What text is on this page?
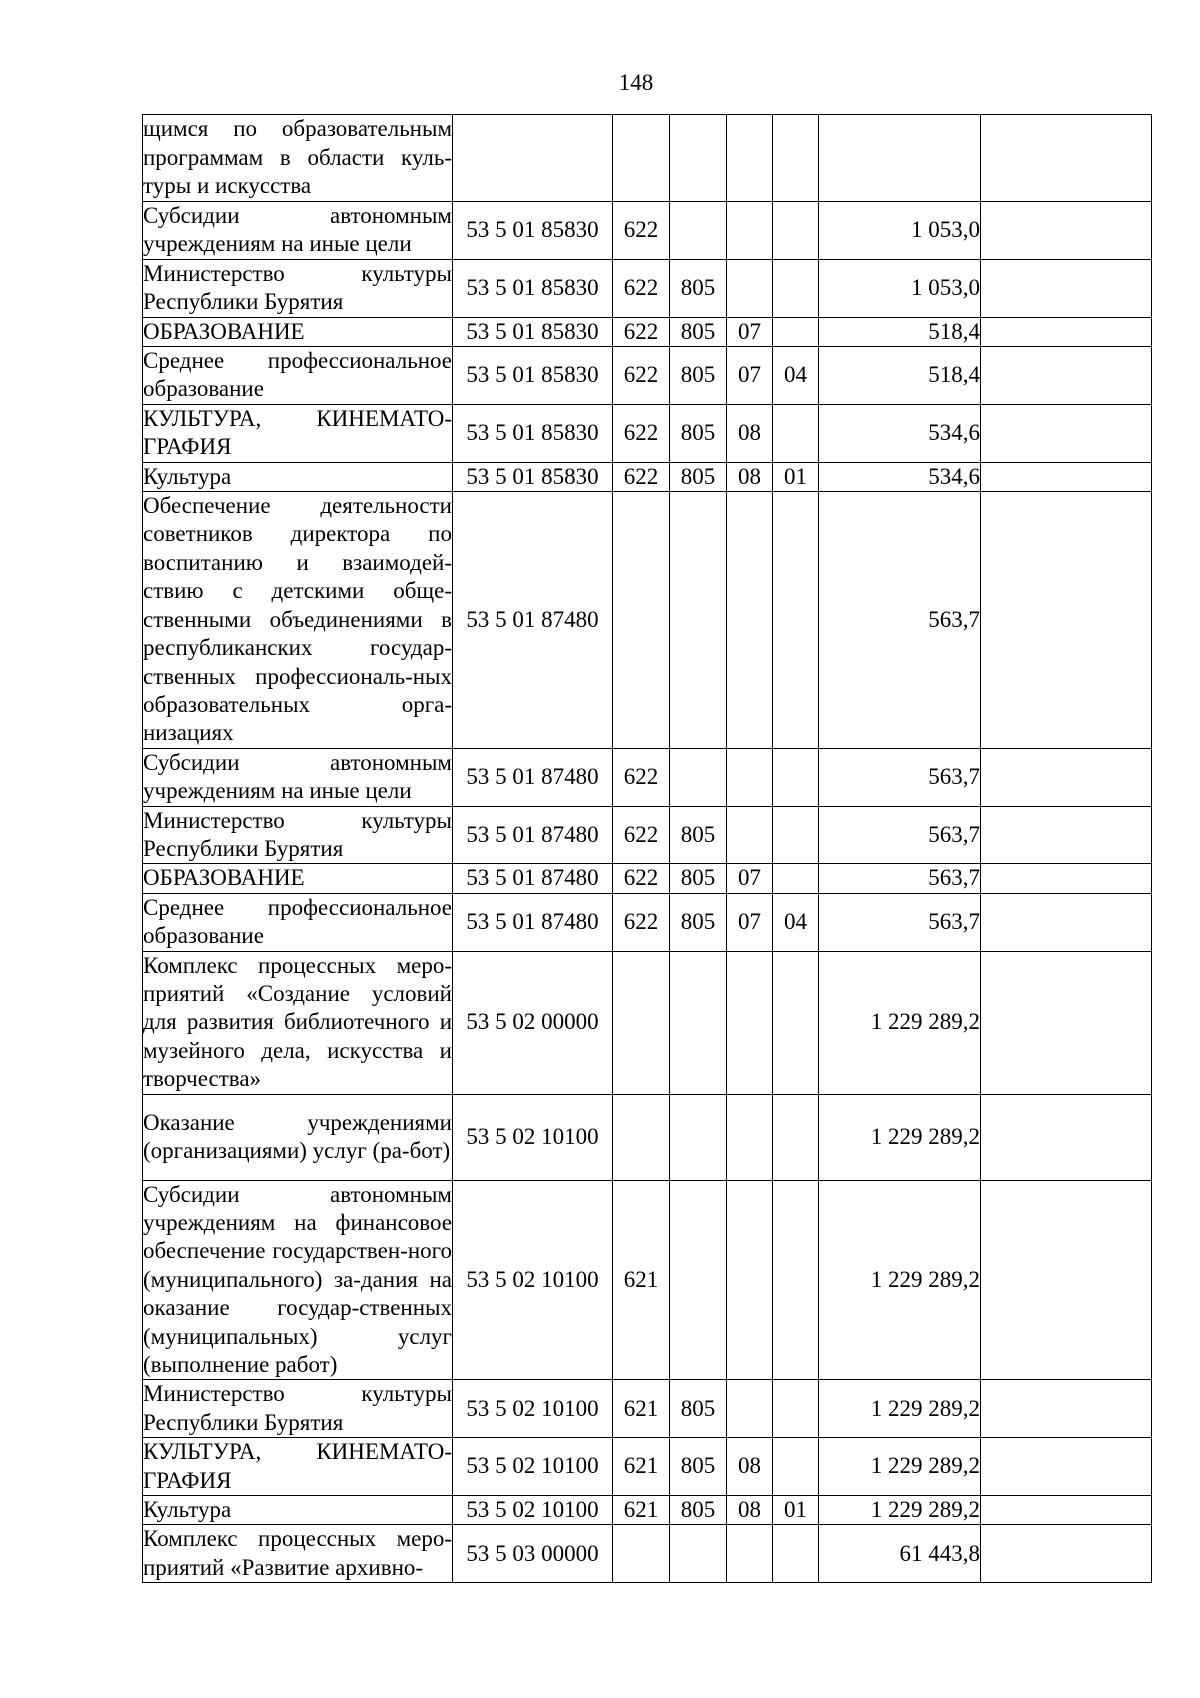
148
щимся по образовательным программам в области куль-туры и искусства							
Субсидии автономным учреждениям на иные цели	53 5 01 85830	622				1 053,0	
Министерство культуры Республики Бурятия	53 5 01 85830	622	805			1 053,0	
ОБРАЗОВАНИЕ	53 5 01 85830	622	805	07		518,4	
Среднее профессиональное образование	53 5 01 85830	622	805	07	04	518,4	
КУЛЬТУРА, КИНЕМАТО-ГРАФИЯ	53 5 01 85830	622	805	08		534,6	
Культура	53 5 01 85830	622	805	08	01	534,6	
Обеспечение деятельности советников директора по воспитанию и взаимодей-ствию с детскими обще-ственными объединениями в республиканских государ-ственных профессиональ-ных образовательных орга-низациях	53 5 01 87480					563,7	
Субсидии автономным учреждениям на иные цели	53 5 01 87480	622				563,7	
Министерство культуры Республики Бурятия	53 5 01 87480	622	805			563,7	
ОБРАЗОВАНИЕ	53 5 01 87480	622	805	07		563,7	
Среднее профессиональное образование	53 5 01 87480	622	805	07	04	563,7	
Комплекс процессных меро-приятий «Создание условий для развития библиотечного и музейного дела, искусства и творчества»	53 5 02 00000					1 229 289,2	
Оказание учреждениями (организациями) услуг (ра-бот)	53 5 02 10100					1 229 289,2	
Субсидии автономным учреждениям на финансовое обеспечение государствен-ного (муниципального) за-дания на оказание государ-ственных (муниципальных) услуг (выполнение работ)	53 5 02 10100	621				1 229 289,2	
Министерство культуры Республики Бурятия	53 5 02 10100	621	805			1 229 289,2	
КУЛЬТУРА, КИНЕМАТО-ГРАФИЯ	53 5 02 10100	621	805	08		1 229 289,2	
Культура	53 5 02 10100	621	805	08	01	1 229 289,2	
Комплекс процессных меро-приятий «Развитие архивно-	53 5 03 00000					61 443,8	
